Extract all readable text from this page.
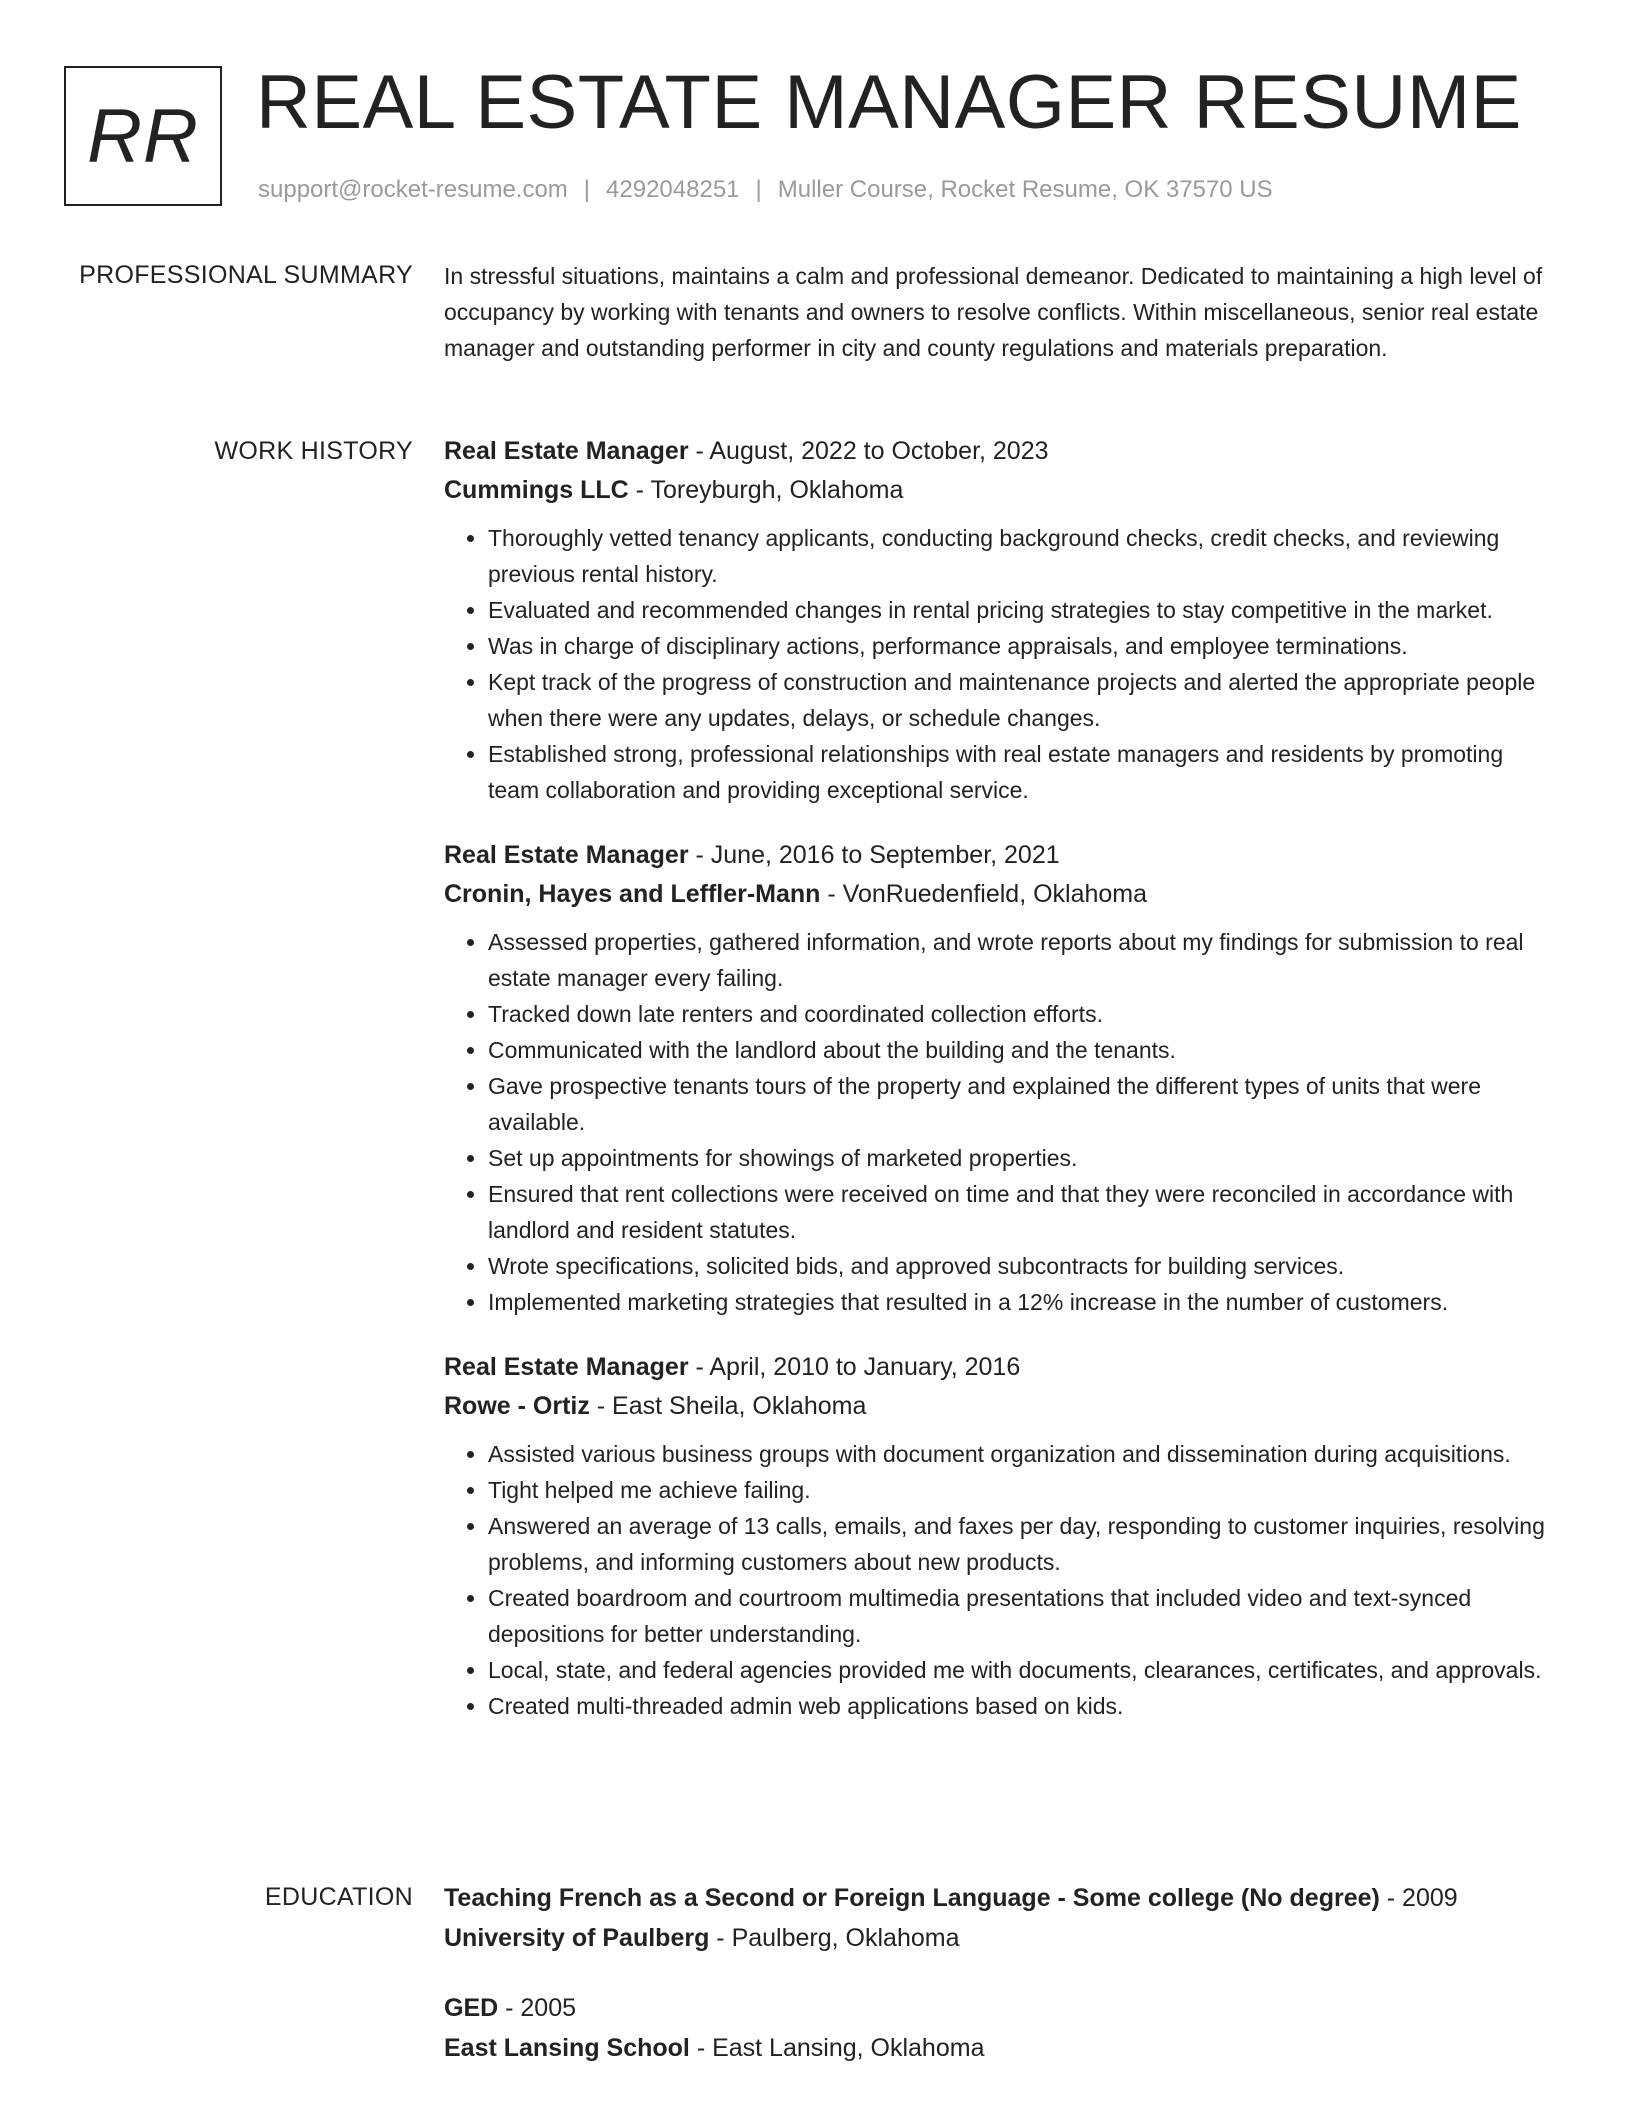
RR REAL ESTATE MANAGER RESUME
support@rocket-resume.com | 4292048251 | Muller Course, Rocket Resume, OK 37570 US
PROFESSIONAL SUMMARY In stressful situations, maintains a calm and professional demeanor. Dedicated to maintaining a high level of occupancy by working with tenants and owners to resolve conflicts. Within miscellaneous, senior real estate manager and outstanding performer in city and county regulations and materials preparation.

WORK HISTORY Real Estate Manager - August, 2022 to October, 2023
Cummings LLC - Toreyburgh, Oklahoma
• Thoroughly vetted tenancy applicants, conducting background checks, credit checks, and reviewing previous rental history.
• Evaluated and recommended changes in rental pricing strategies to stay competitive in the market.
• Was in charge of disciplinary actions, performance appraisals, and employee terminations.
• Kept track of the progress of construction and maintenance projects and alerted the appropriate people when there were any updates, delays, or schedule changes.
• Established strong, professional relationships with real estate managers and residents by promoting team collaboration and providing exceptional service.
Real Estate Manager - June, 2016 to September, 2021
Cronin, Hayes and Leffler-Mann - VonRuedenfield, Oklahoma
• Assessed properties, gathered information, and wrote reports about my findings for submission to real estate manager every failing.
• Tracked down late renters and coordinated collection efforts.
• Communicated with the landlord about the building and the tenants.
• Gave prospective tenants tours of the property and explained the different types of units that were available.
• Set up appointments for showings of marketed properties.
• Ensured that rent collections were received on time and that they were reconciled in accordance with landlord and resident statutes.
• Wrote specifications, solicited bids, and approved subcontracts for building services.
• Implemented marketing strategies that resulted in a 12% increase in the number of customers.
Real Estate Manager - April, 2010 to January, 2016
Rowe - Ortiz - East Sheila, Oklahoma
• Assisted various business groups with document organization and dissemination during acquisitions.
• Tight helped me achieve failing.
• Answered an average of 13 calls, emails, and faxes per day, responding to customer inquiries, resolving problems, and informing customers about new products.
• Created boardroom and courtroom multimedia presentations that included video and text-synced depositions for better understanding.
• Local, state, and federal agencies provided me with documents, clearances, certificates, and approvals.
• Created multi-threaded admin web applications based on kids.
EDUCATION Teaching French as a Second or Foreign Language - Some college (No degree) - 2009
University of Paulberg - Paulberg, Oklahoma
GED - 2005
East Lansing School - East Lansing, Oklahoma
